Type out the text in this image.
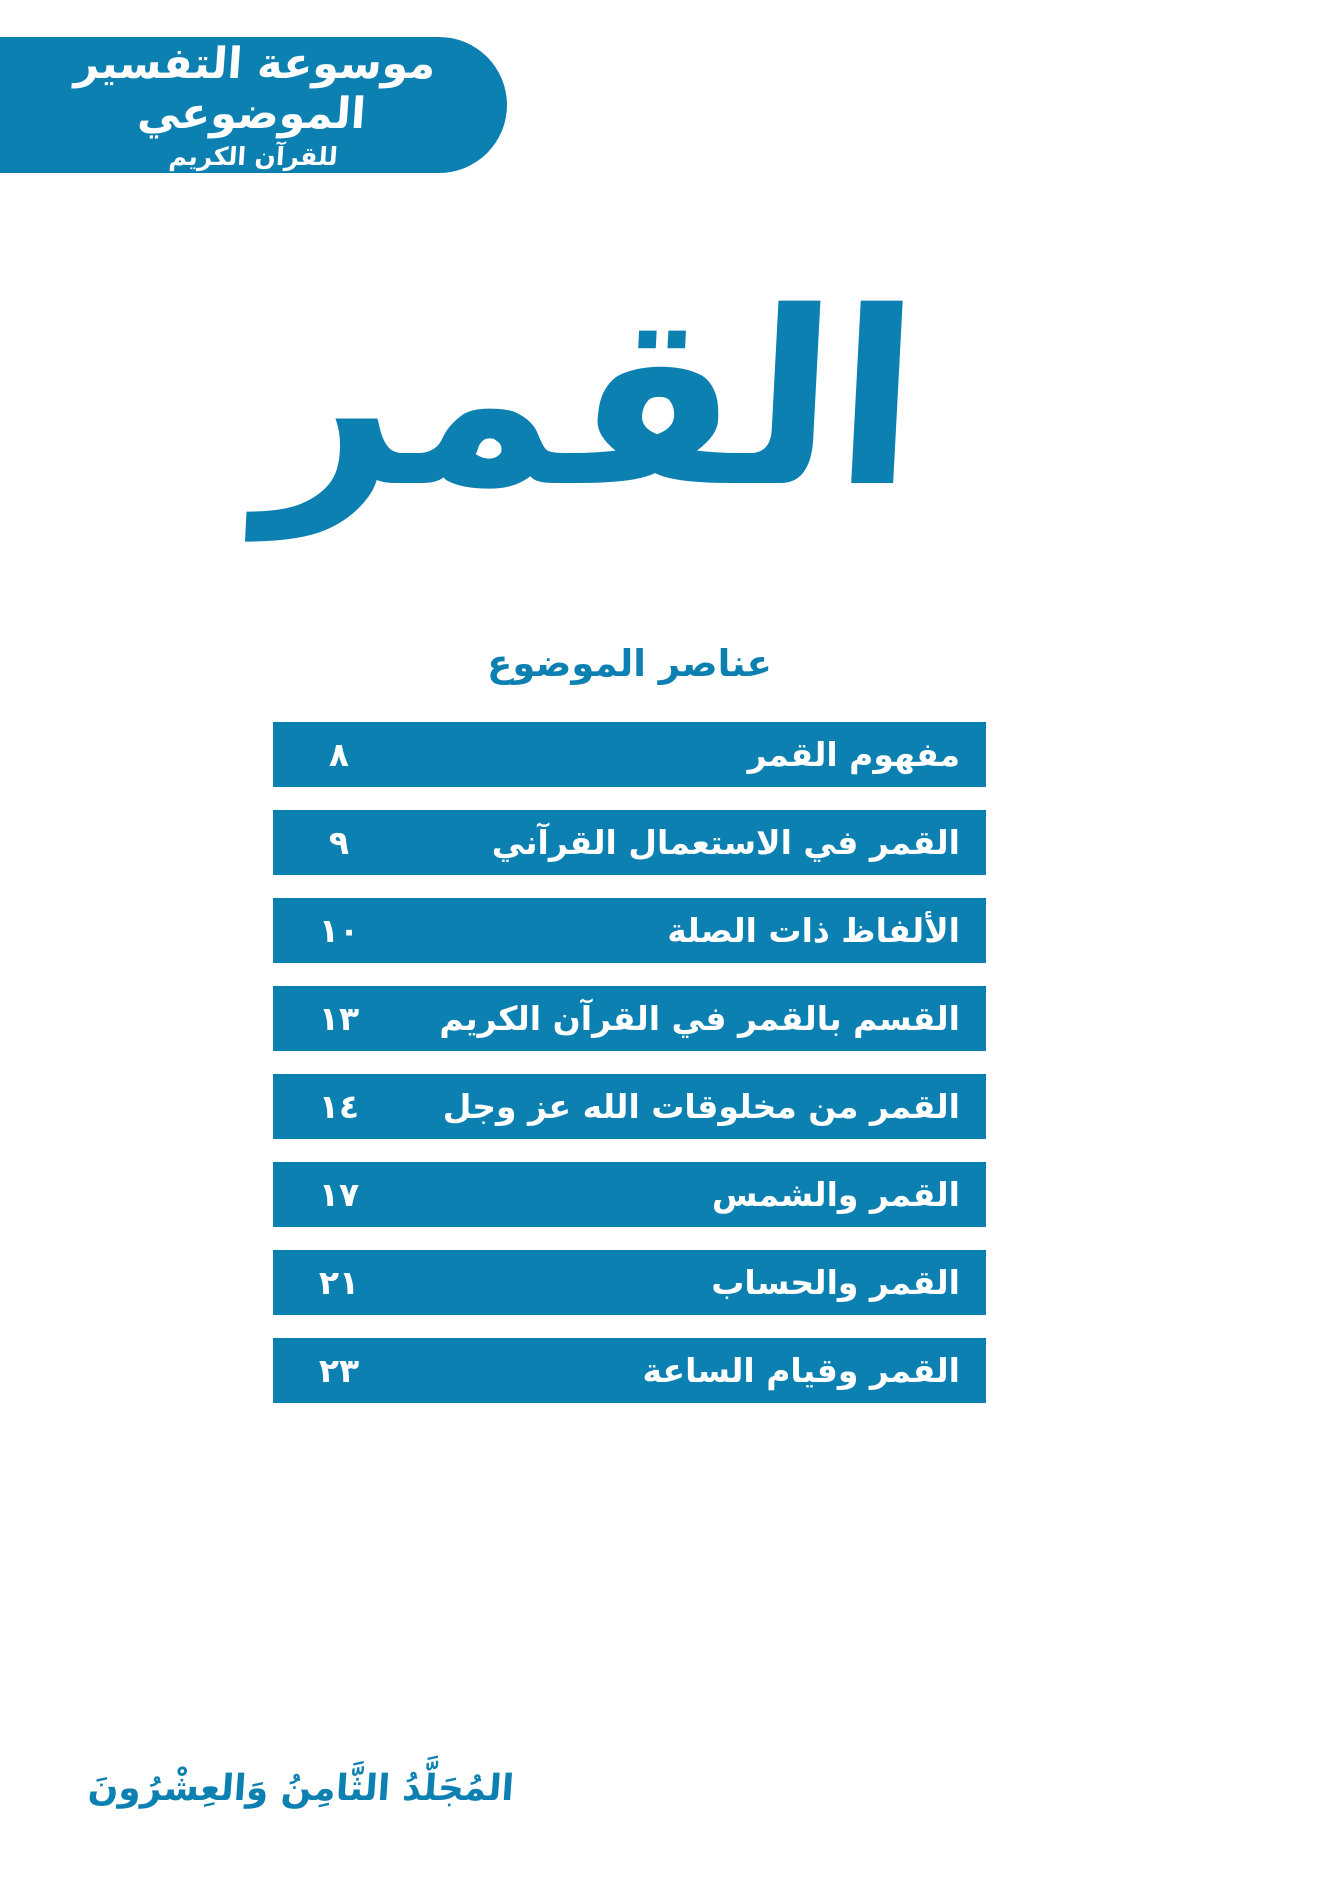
موسوعة التفسير الموضوعي
للقرآن الكريم
القمر
عناصر الموضوع
٨	مفهوم القمر
٩	القمر في الاستعمال القرآني
١٠	الألفاظ ذات الصلة
١٣	القسم بالقمر في القرآن الكريم
١٤	القمر من مخلوقات الله عز وجل
١٧	القمر والشمس
٢١	القمر والحساب
٢٣	القمر وقيام الساعة
المُجَلَّدُ الثَّامِنُ وَالعِشْرُونَ
